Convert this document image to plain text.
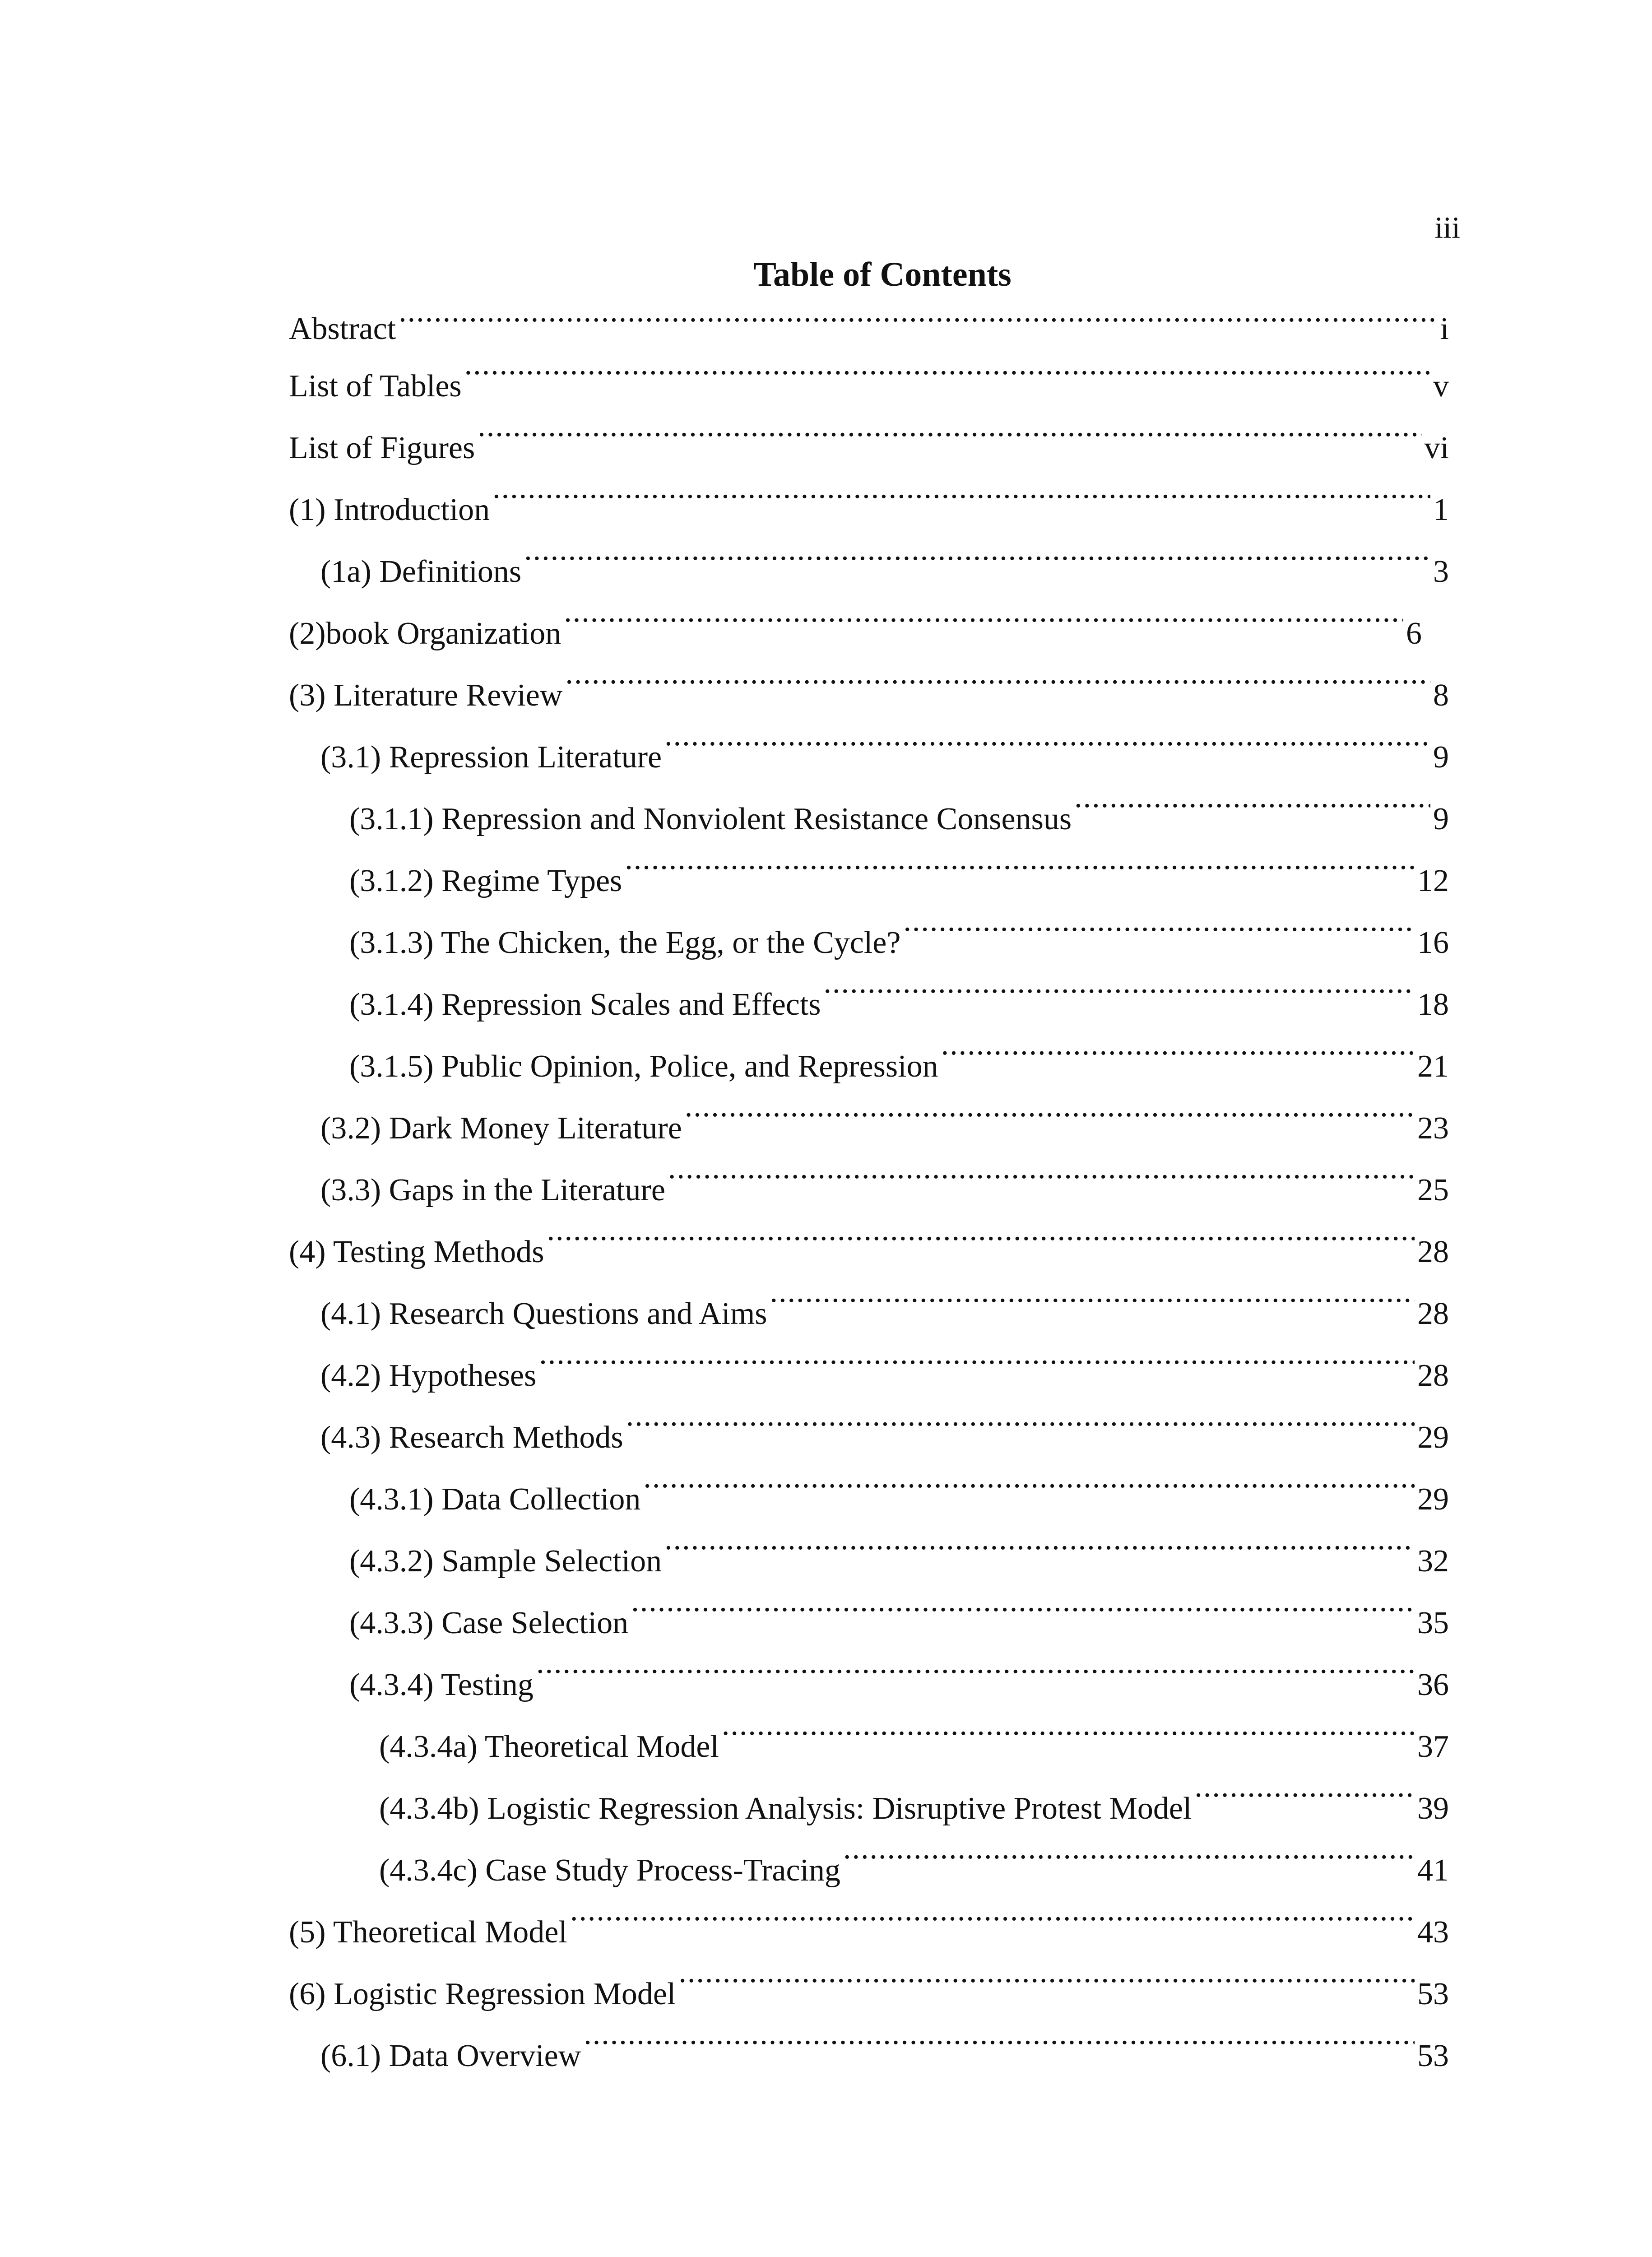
iii
Table of Contents
Abstract .....	i
List of Tables .....	v
List of Figures .....	vi
(1) Introduction .....	1
(1a) Definitions .....	3
(2)book Organization .....	6
(3) Literature Review .....	8
(3.1) Repression Literature .....	9
(3.1.1) Repression and Nonviolent Resistance Consensus .....	9
(3.1.2) Regime Types .....	12
(3.1.3) The Chicken, the Egg, or the Cycle? .....	16
(3.1.4) Repression Scales and Effects .....	18
(3.1.5) Public Opinion, Police, and Repression .....	21
(3.2) Dark Money Literature .....	23
(3.3) Gaps in the Literature .....	25
(4) Testing Methods .....	28
(4.1) Research Questions and Aims .....	28
(4.2) Hypotheses .....	28
(4.3) Research Methods .....	29
(4.3.1) Data Collection .....	29
(4.3.2) Sample Selection .....	32
(4.3.3) Case Selection .....	35
(4.3.4) Testing .....	36
(4.3.4a) Theoretical Model .....	37
(4.3.4b) Logistic Regression Analysis: Disruptive Protest Model .....	39
(4.3.4c) Case Study Process-Tracing .....	41
(5) Theoretical Model .....	43
(6) Logistic Regression Model .....	53
(6.1) Data Overview .....	53
